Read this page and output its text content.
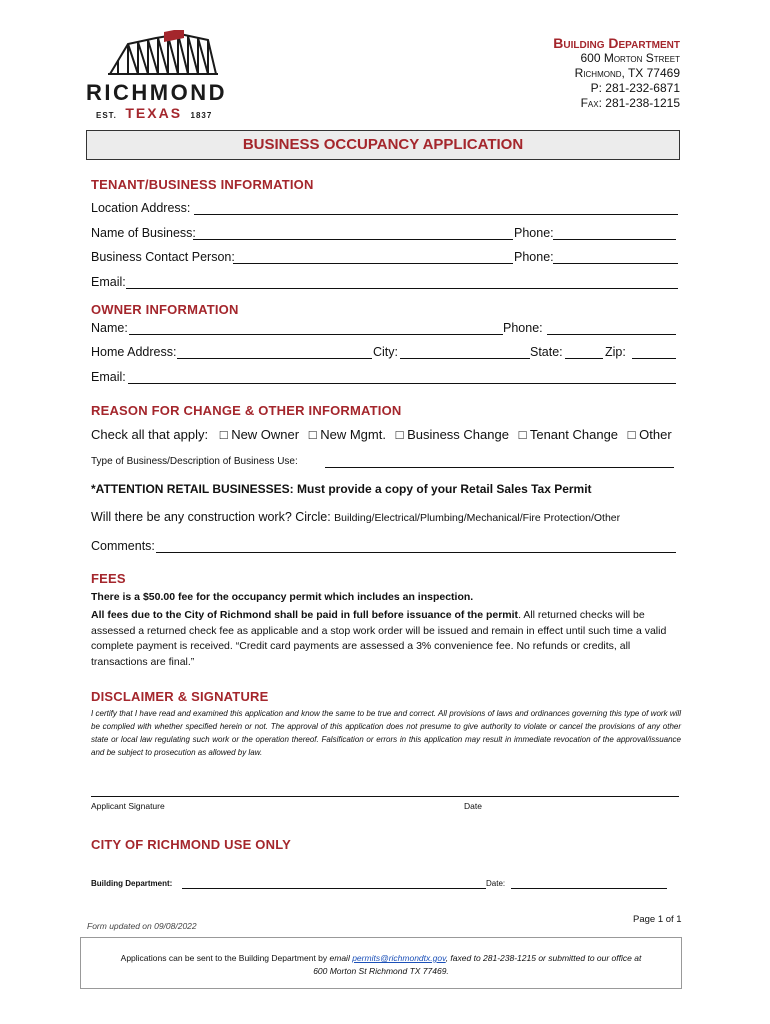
RICHMOND
EST. TEXAS 1837
Building Department
600 Morton Street
Richmond, TX 77469
P: 281-232-6871
Fax: 281-238-1215
BUSINESS OCCUPANCY APPLICATION
TENANT/BUSINESS INFORMATION
Location Address:
Name of Business:	Phone:
Business Contact Person:	Phone:
Email:
OWNER INFORMATION
Name:	Phone:
Home Address:	City:	State:	Zip:
Email:
REASON FOR CHANGE & OTHER INFORMATION
Check all that apply: □ New Owner □ New Mgmt. □ Business Change □ Tenant Change □ Other
Type of Business/Description of Business Use:
*ATTENTION RETAIL BUSINESSES: Must provide a copy of your Retail Sales Tax Permit
Will there be any construction work? Circle: Building/Electrical/Plumbing/Mechanical/Fire Protection/Other
Comments:
FEES
There is a $50.00 fee for the occupancy permit which includes an inspection.
All fees due to the City of Richmond shall be paid in full before issuance of the permit. All returned checks will be assessed a returned check fee as applicable and a stop work order will be issued and remain in effect until such time a valid complete payment is received. “Credit card payments are assessed a 3% convenience fee. No refunds or credits, all transactions are final.”
DISCLAIMER & SIGNATURE
I certify that I have read and examined this application and know the same to be true and correct. All provisions of laws and ordinances governing this type of work will be complied with whether specified herein or not. The approval of this application does not presume to give authority to violate or cancel the provisions of any other state or local law regulating such work or the operation thereof. Falsification or errors in this application may result in immediate revocation of the approval/issuance and be subject to prosecution as allowed by law.
Applicant Signature	Date
CITY OF RICHMOND USE ONLY
Building Department:	Date:
Form updated on 09/08/2022
Page 1 of 1
Applications can be sent to the Building Department by email permits@richmondtx.gov, faxed to 281-238-1215 or submitted to our office at
600 Morton St Richmond TX 77469.
